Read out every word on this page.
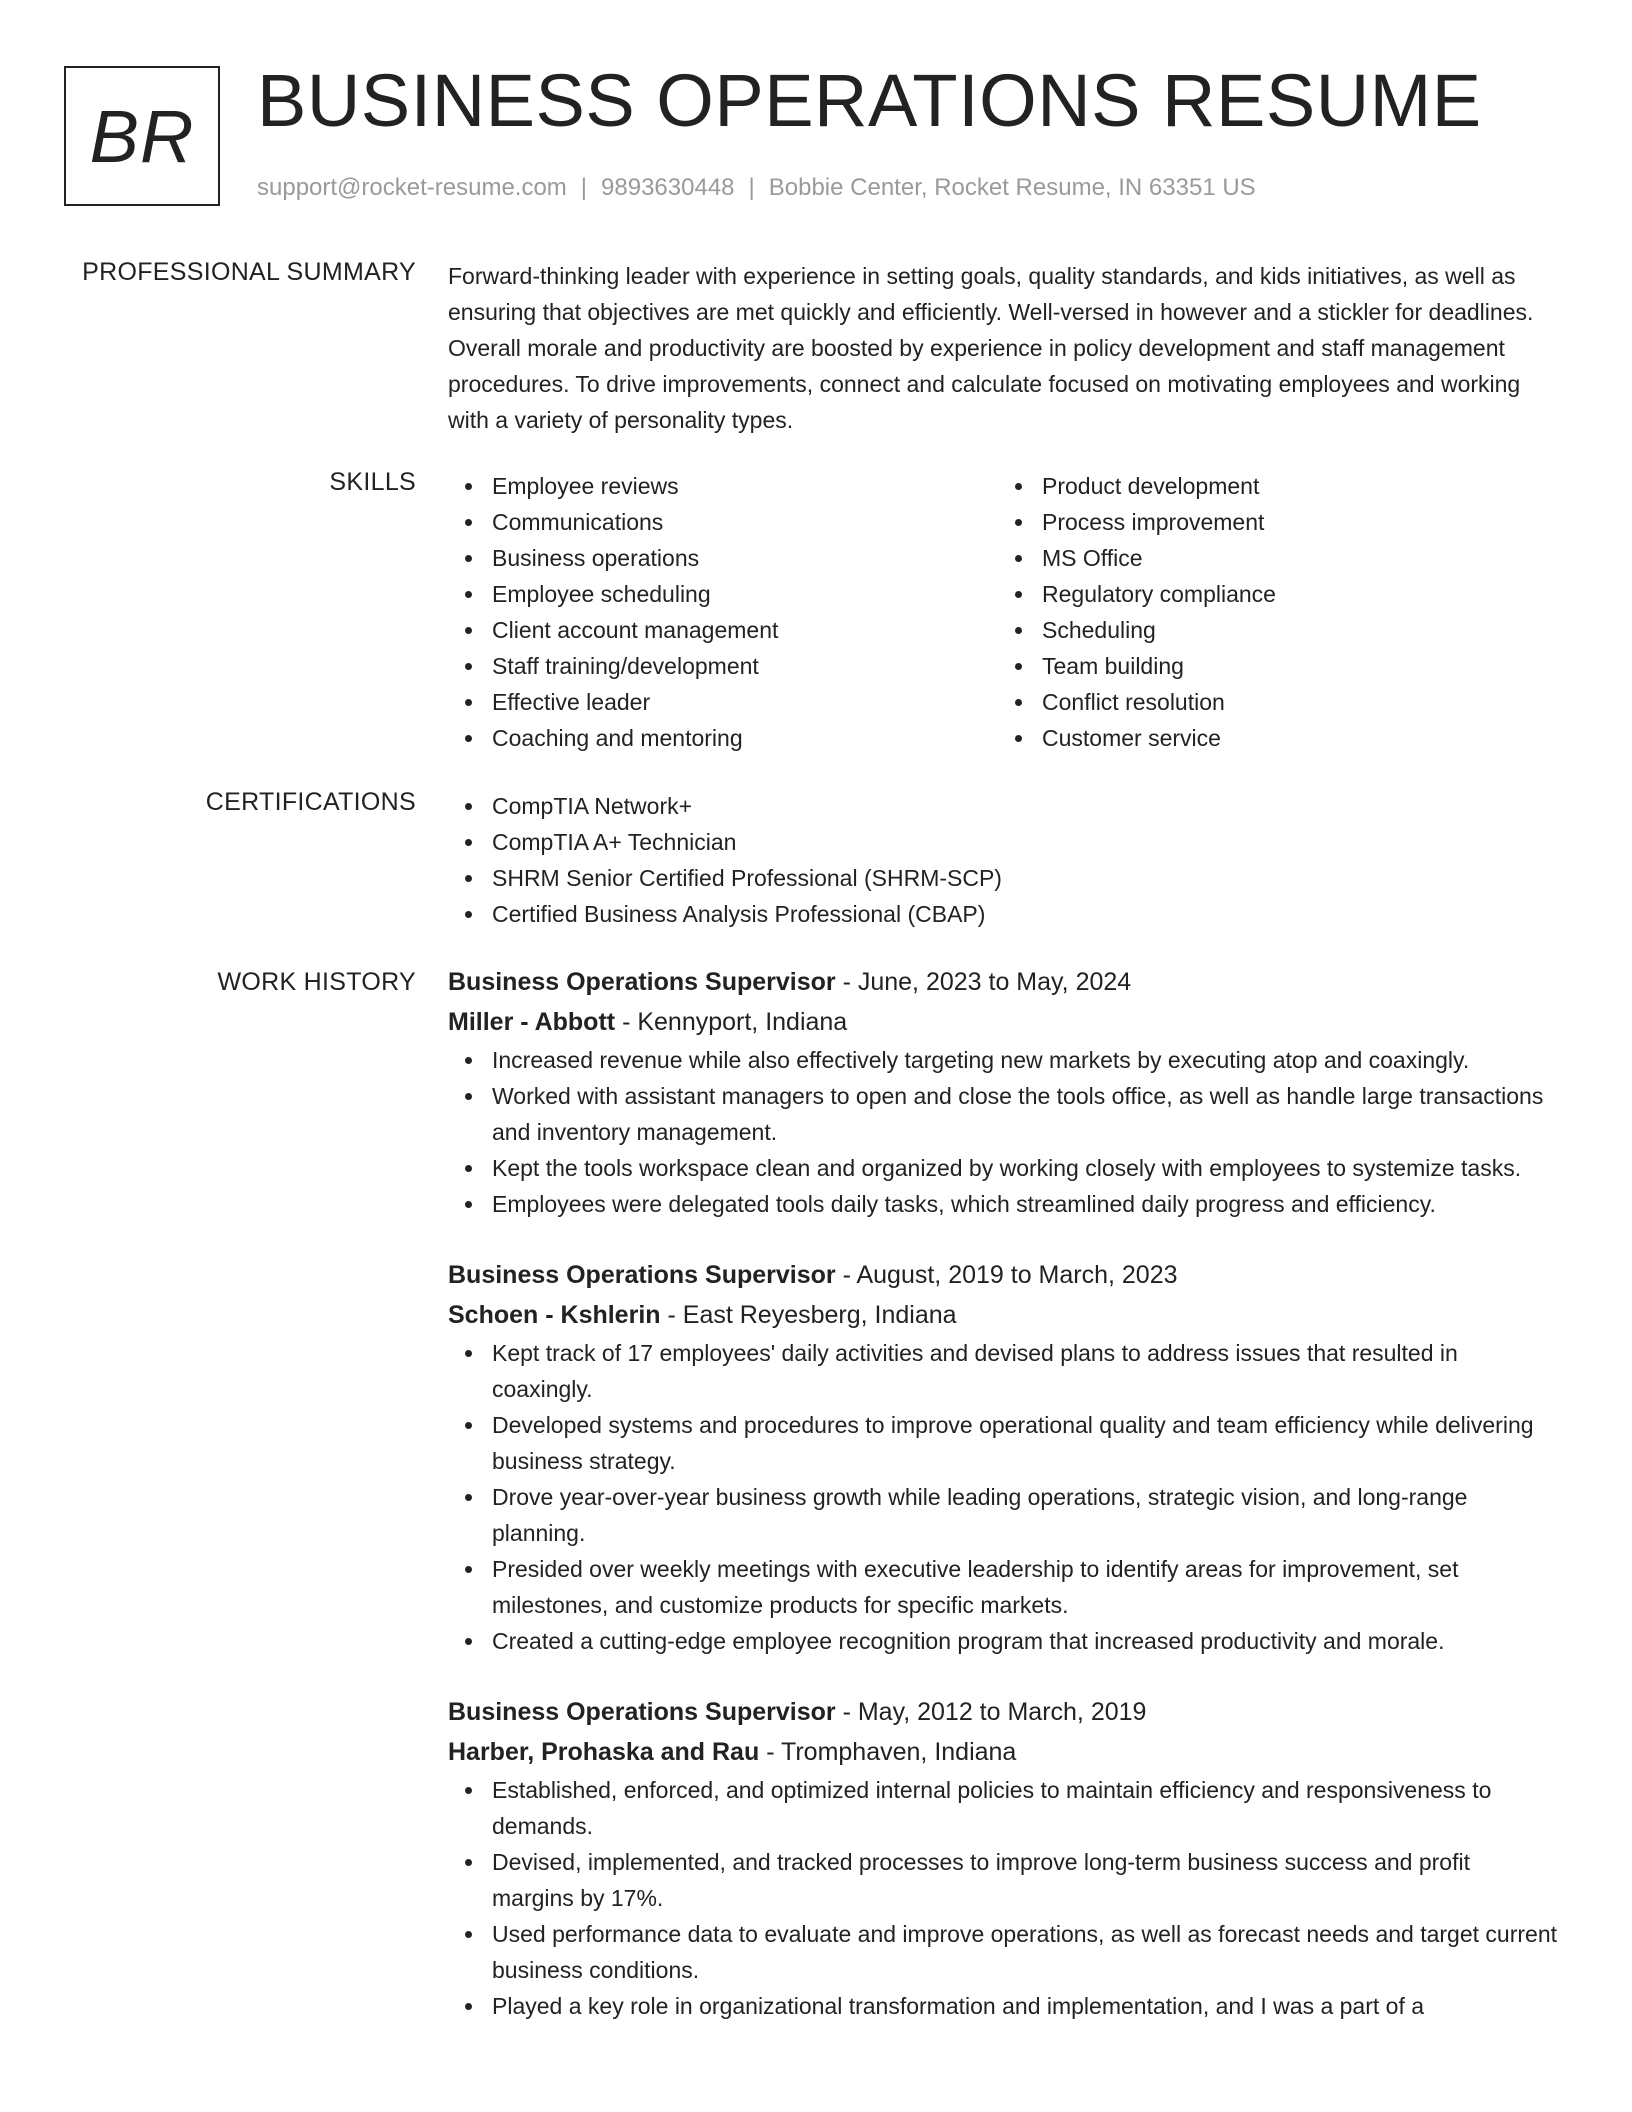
BR BUSINESS OPERATIONS RESUME
support@rocket-resume.com | 9893630448 | Bobbie Center, Rocket Resume, IN 63351 US
PROFESSIONAL SUMMARY Forward-thinking leader with experience in setting goals, quality standards, and kids initiatives, as well as ensuring that objectives are met quickly and efficiently. Well-versed in however and a stickler for deadlines. Overall morale and productivity are boosted by experience in policy development and staff management procedures. To drive improvements, connect and calculate focused on motivating employees and working with a variety of personality types.

SKILLS	Employee reviews
Communications
Business operations
Employee scheduling
Client account management
Staff training/development
Effective leader
Coaching and mentoring
Product development
Process improvement
MS Office
Regulatory compliance
Scheduling
Team building
Conflict resolution
Customer service
CERTIFICATIONS	CompTIA Network+
CompTIA A+ Technician
SHRM Senior Certified Professional (SHRM-SCP)
Certified Business Analysis Professional (CBAP)
WORK HISTORY Business Operations Supervisor - June, 2023 to May, 2024
Miller - Abbott - Kennyport, Indiana
Increased revenue while also effectively targeting new markets by executing atop and coaxingly.
Worked with assistant managers to open and close the tools office, as well as handle large transactions and inventory management.
Kept the tools workspace clean and organized by working closely with employees to systemize tasks.
Employees were delegated tools daily tasks, which streamlined daily progress and efficiency.
Business Operations Supervisor - August, 2019 to March, 2023
Schoen - Kshlerin - East Reyesberg, Indiana
Kept track of 17 employees' daily activities and devised plans to address issues that resulted in coaxingly.
Developed systems and procedures to improve operational quality and team efficiency while delivering business strategy.
Drove year-over-year business growth while leading operations, strategic vision, and long-range planning.
Presided over weekly meetings with executive leadership to identify areas for improvement, set milestones, and customize products for specific markets.
Created a cutting-edge employee recognition program that increased productivity and morale.
Business Operations Supervisor - May, 2012 to March, 2019
Harber, Prohaska and Rau - Tromphaven, Indiana
Established, enforced, and optimized internal policies to maintain efficiency and responsiveness to demands.
Devised, implemented, and tracked processes to improve long-term business success and profit margins by 17%.
Used performance data to evaluate and improve operations, as well as forecast needs and target current business conditions.
Played a key role in organizational transformation and implementation, and I was a part of a
